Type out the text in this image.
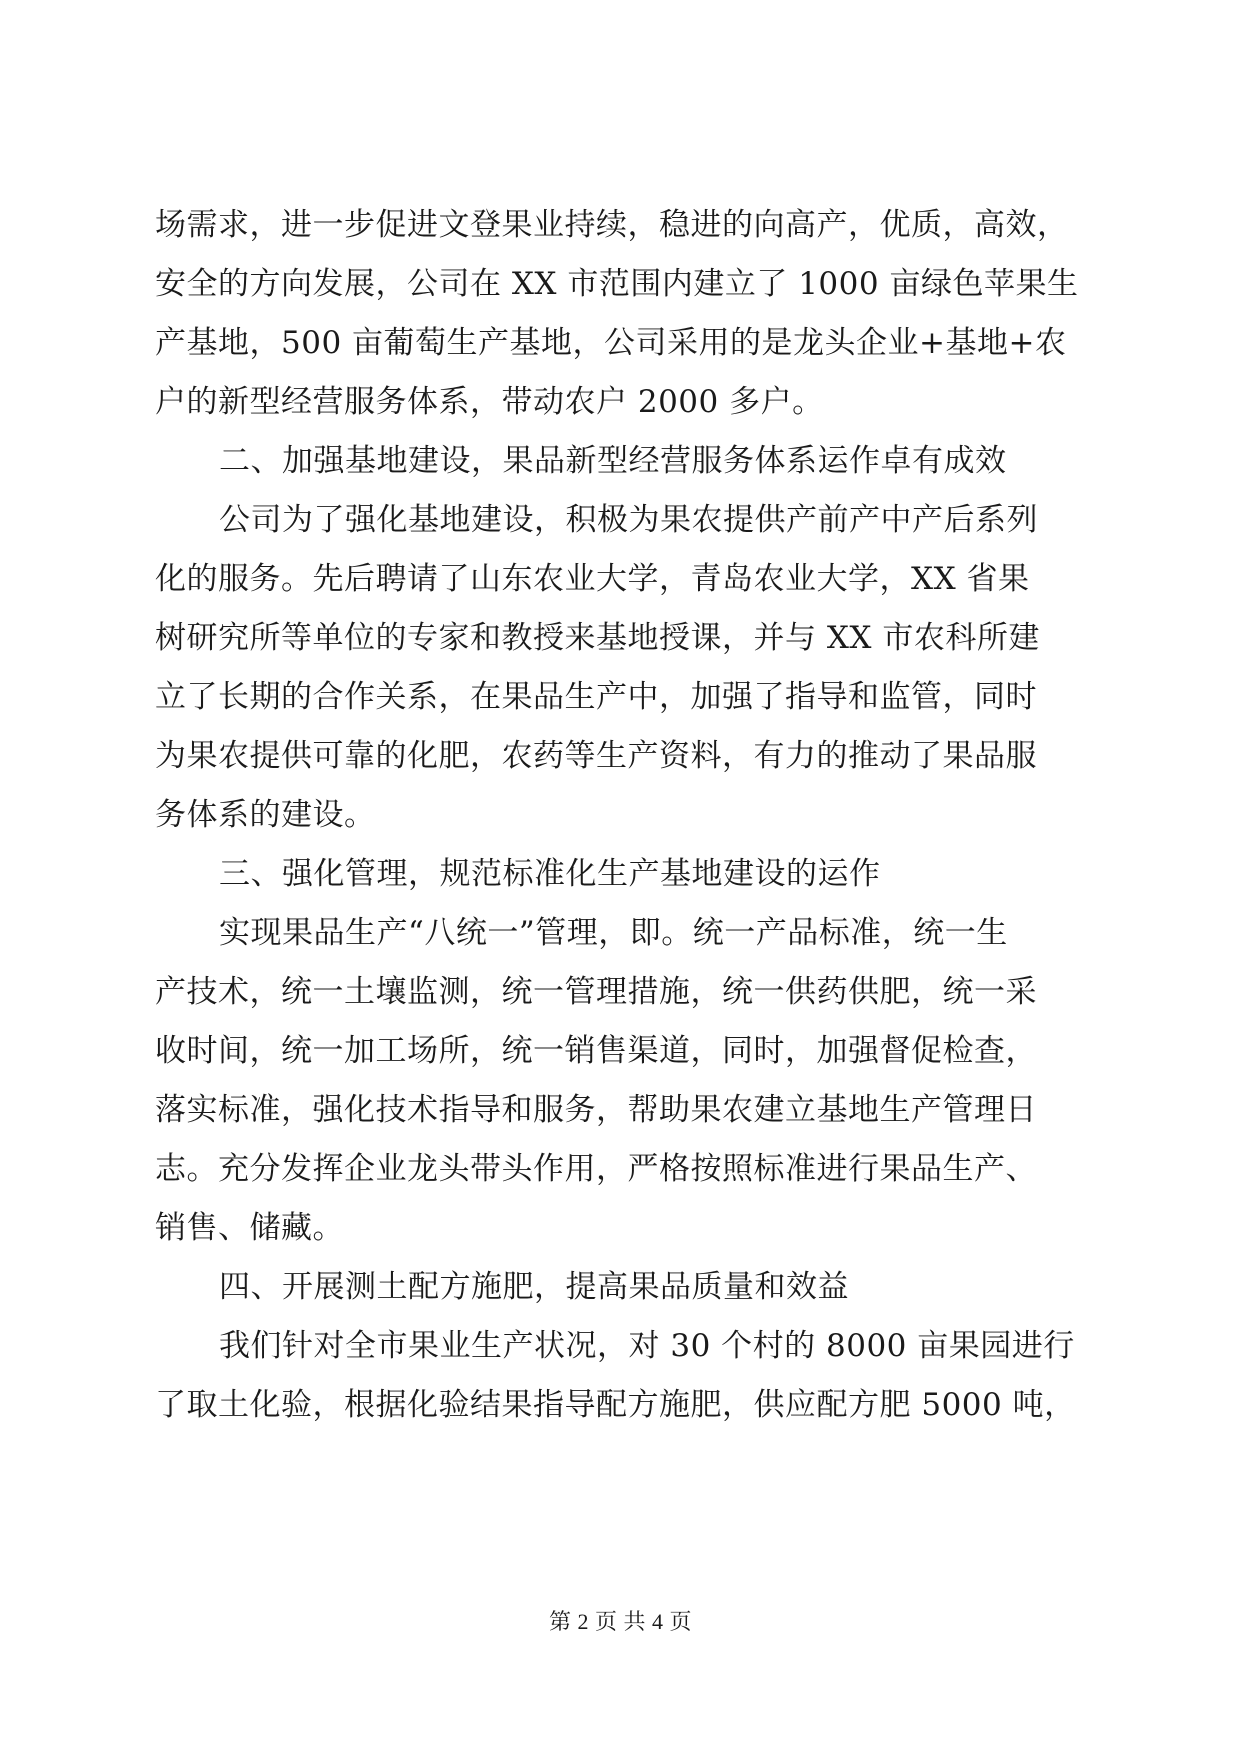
场需求，进一步促进文登果业持续，稳进的向高产，优质，高效，
安全的方向发展，公司在 XX 市范围内建立了 1000 亩绿色苹果生
产基地，500 亩葡萄生产基地，公司采用的是龙头企业+基地+农
户的新型经营服务体系，带动农户 2000 多户。
二、加强基地建设，果品新型经营服务体系运作卓有成效
公司为了强化基地建设，积极为果农提供产前产中产后系列
化的服务。先后聘请了山东农业大学，青岛农业大学，XX 省果
树研究所等单位的专家和教授来基地授课，并与 XX 市农科所建
立了长期的合作关系，在果品生产中，加强了指导和监管，同时
为果农提供可靠的化肥，农药等生产资料，有力的推动了果品服
务体系的建设。
三、强化管理，规范标准化生产基地建设的运作
实现果品生产“八统一”管理，即。统一产品标准，统一生
产技术，统一土壤监测，统一管理措施，统一供药供肥，统一采
收时间，统一加工场所，统一销售渠道，同时，加强督促检查，
落实标准，强化技术指导和服务，帮助果农建立基地生产管理日
志。充分发挥企业龙头带头作用，严格按照标准进行果品生产、
销售、储藏。
四、开展测土配方施肥，提高果品质量和效益
我们针对全市果业生产状况，对 30 个村的 8000 亩果园进行
了取土化验，根据化验结果指导配方施肥，供应配方肥 5000 吨，
第 2 页 共 4 页
